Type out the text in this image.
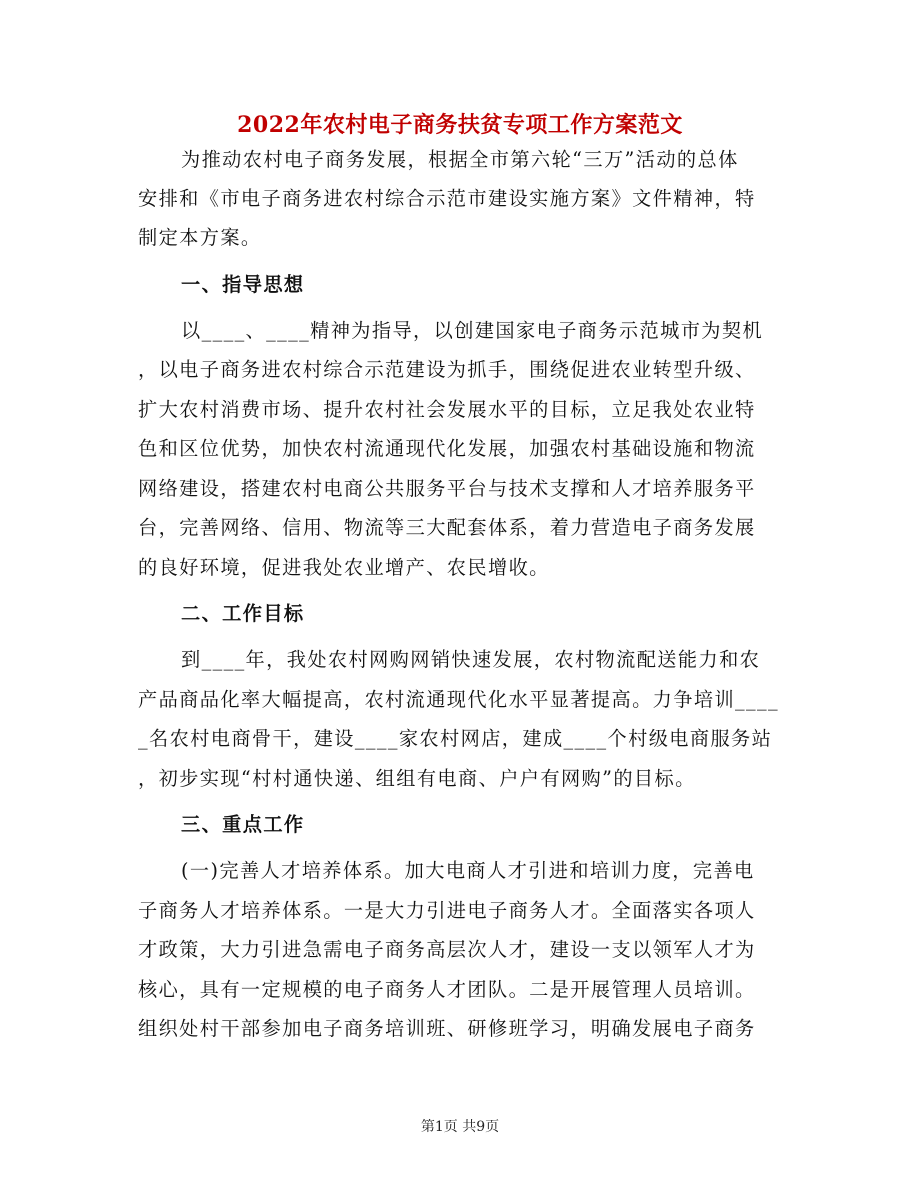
2022年农村电子商务扶贫专项工作方案范文
为推动农村电子商务发展，根据全市第六轮“三万”活动的总体
安排和《市电子商务进农村综合示范市建设实施方案》文件精神，特
制定本方案。
一、指导思想
以____、____精神为指导，以创建国家电子商务示范城市为契机
，以电子商务进农村综合示范建设为抓手，围绕促进农业转型升级、
扩大农村消费市场、提升农村社会发展水平的目标，立足我处农业特
色和区位优势，加快农村流通现代化发展，加强农村基础设施和物流
网络建设，搭建农村电商公共服务平台与技术支撑和人才培养服务平
台，完善网络、信用、物流等三大配套体系，着力营造电子商务发展
的良好环境，促进我处农业增产、农民增收。
二、工作目标
到____年，我处农村网购网销快速发展，农村物流配送能力和农
产品商品化率大幅提高，农村流通现代化水平显著提高。力争培训____
_名农村电商骨干，建设____家农村网店，建成____个村级电商服务站
，初步实现“村村通快递、组组有电商、户户有网购”的目标。
三、重点工作
(一)完善人才培养体系。加大电商人才引进和培训力度，完善电
子商务人才培养体系。一是大力引进电子商务人才。全面落实各项人
才政策，大力引进急需电子商务高层次人才，建设一支以领军人才为
核心，具有一定规模的电子商务人才团队。二是开展管理人员培训。
组织处村干部参加电子商务培训班、研修班学习，明确发展电子商务
第1页 共9页
